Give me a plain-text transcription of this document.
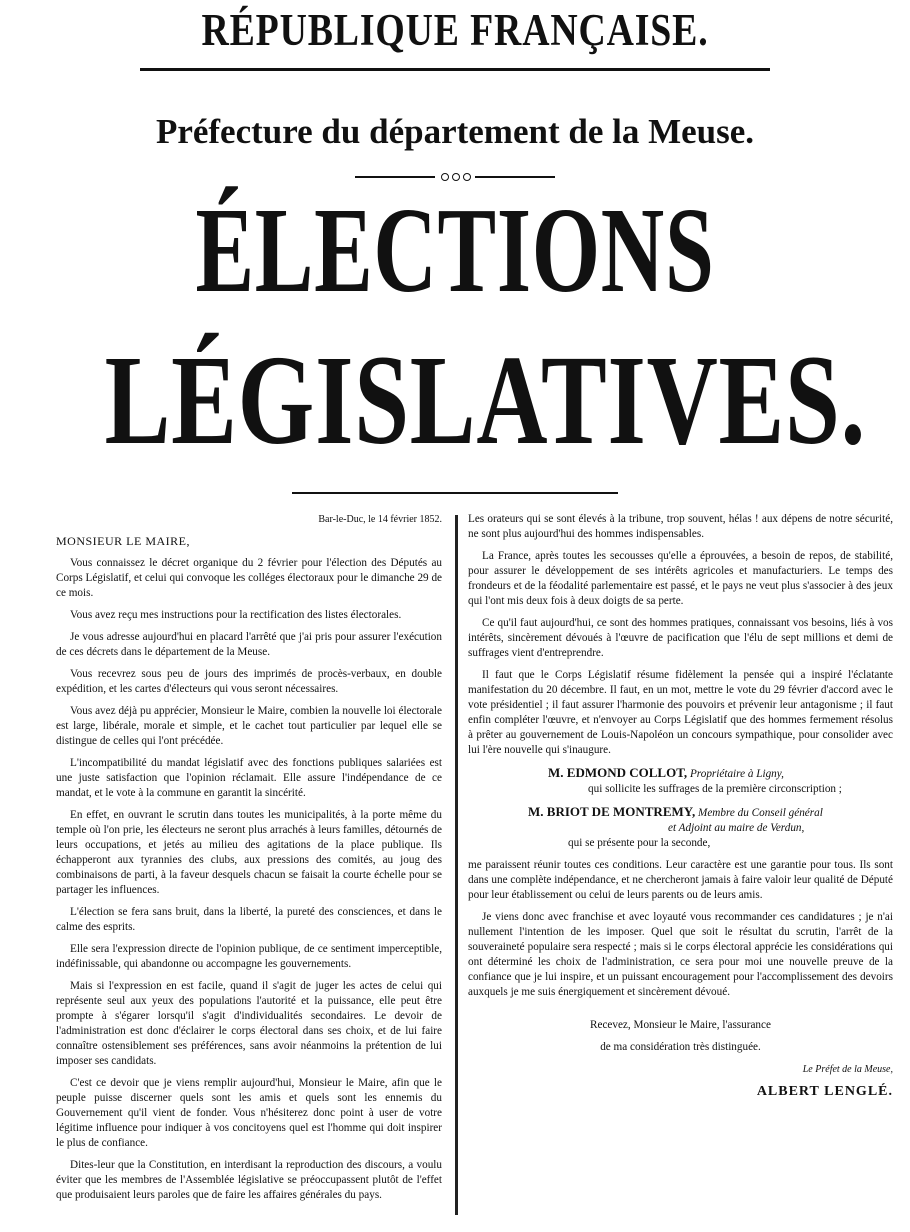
RÉPUBLIQUE FRANÇAISE.
Préfecture du département de la Meuse.
ÉLECTIONS
LÉGISLATIVES.

Bar-le-Duc, le 14 février 1852.

MONSIEUR LE MAIRE,

Vous connaissez le décret organique du 2 février pour l'élection des Députés au Corps Législatif, et celui qui convoque les colléges électoraux pour le dimanche 29 de ce mois.

Vous avez reçu mes instructions pour la rectification des listes électorales.

Je vous adresse aujourd'hui en placard l'arrêté que j'ai pris pour assurer l'exécution de ces décrets dans le département de la Meuse.

Vous recevrez sous peu de jours des imprimés de procès-verbaux, en double expédition, et les cartes d'électeurs qui vous seront nécessaires.

Vous avez déjà pu apprécier, Monsieur le Maire, combien la nouvelle loi électorale est large, libérale, morale et simple, et le cachet tout particulier par lequel elle se distingue de celles qui l'ont précédée.

L'incompatibilité du mandat législatif avec des fonctions publiques salariées est une juste satisfaction que l'opinion réclamait. Elle assure l'indépendance de ce mandat, et le vote à la commune en garantit la sincérité.

En effet, en ouvrant le scrutin dans toutes les municipalités, à la porte même du temple où l'on prie, les électeurs ne seront plus arrachés à leurs familles, détournés de leurs occupations, et jetés au milieu des agitations de la place publique. Ils échapperont aux tyrannies des clubs, aux pressions des comités, au joug des combinaisons de parti, à la faveur desquels chacun se faisait la courte échelle pour se partager les influences.

L'élection se fera sans bruit, dans la liberté, la pureté des consciences, et dans le calme des esprits.

Elle sera l'expression directe de l'opinion publique, de ce sentiment imperceptible, indéfinissable, qui abandonne ou accompagne les gouvernements.

Mais si l'expression en est facile, quand il s'agit de juger les actes de celui qui représente seul aux yeux des populations l'autorité et la puissance, elle peut être prompte à s'égarer lorsqu'il s'agit d'individualités secondaires. Le devoir de l'administration est donc d'éclairer le corps électoral dans ses choix, et de lui faire connaître ostensiblement ses préférences, sans avoir néanmoins la prétention de lui imposer ses candidats.

C'est ce devoir que je viens remplir aujourd'hui, Monsieur le Maire, afin que le peuple puisse discerner quels sont les amis et quels sont les ennemis du Gouvernement qu'il vient de fonder. Vous n'hésiterez donc point à user de votre légitime influence pour indiquer à vos concitoyens quel est l'homme qui doit inspirer le plus de confiance.

Dites-leur que la Constitution, en interdisant la reproduction des discours, a voulu éviter que les membres de l'Assemblée législative se préoccupassent plutôt de l'effet que produisaient leurs paroles que de faire les affaires générales du pays.

Les orateurs qui se sont élevés à la tribune, trop souvent, hélas ! aux dépens de notre sécurité, ne sont plus aujourd'hui des hommes indispensables.

La France, après toutes les secousses qu'elle a éprouvées, a besoin de repos, de stabilité, pour assurer le développement de ses intérêts agricoles et manufacturiers. Le temps des frondeurs et de la féodalité parlementaire est passé, et le pays ne veut plus s'associer à des jeux qui l'ont mis deux fois à deux doigts de sa perte.

Ce qu'il faut aujourd'hui, ce sont des hommes pratiques, connaissant vos besoins, liés à vos intérêts, sincèrement dévoués à l'œuvre de pacification que l'élu de sept millions et demi de suffrages vient d'entreprendre.

Il faut que le Corps Législatif résume fidèlement la pensée qui a inspiré l'éclatante manifestation du 20 décembre. Il faut, en un mot, mettre le vote du 29 février d'accord avec le vote présidentiel ; il faut assurer l'harmonie des pouvoirs et prévenir leur antagonisme ; il faut enfin compléter l'œuvre, et n'envoyer au Corps Législatif que des hommes fermement résolus à prêter au gouvernement de Louis-Napoléon un concours sympathique, pour consolider avec lui l'ère nouvelle qui s'inaugure.

M. EDMOND COLLOT, Propriétaire à Ligny,
qui sollicite les suffrages de la première circonscription ;

M. BRIOT DE MONTREMY, Membre du Conseil général
et Adjoint au maire de Verdun,
qui se présente pour la seconde,

me paraissent réunir toutes ces conditions. Leur caractère est une garantie pour tous. Ils sont dans une complète indépendance, et ne chercheront jamais à faire valoir leur qualité de Député pour leur établissement ou celui de leurs parents ou de leurs amis.

Je viens donc avec franchise et avec loyauté vous recommander ces candidatures ; je n'ai nullement l'intention de les imposer. Quel que soit le résultat du scrutin, l'arrêt de la souveraineté populaire sera respecté ; mais si le corps électoral apprécie les considérations qui ont déterminé les choix de l'administration, ce sera pour moi une nouvelle preuve de la confiance que je lui inspire, et un puissant encouragement pour l'accomplissement des devoirs auxquels je me suis énergiquement et sincèrement dévoué.

Recevez, Monsieur le Maire, l'assurance

de ma considération très distinguée.

Le Préfet de la Meuse,

ALBERT LENGLÉ.
